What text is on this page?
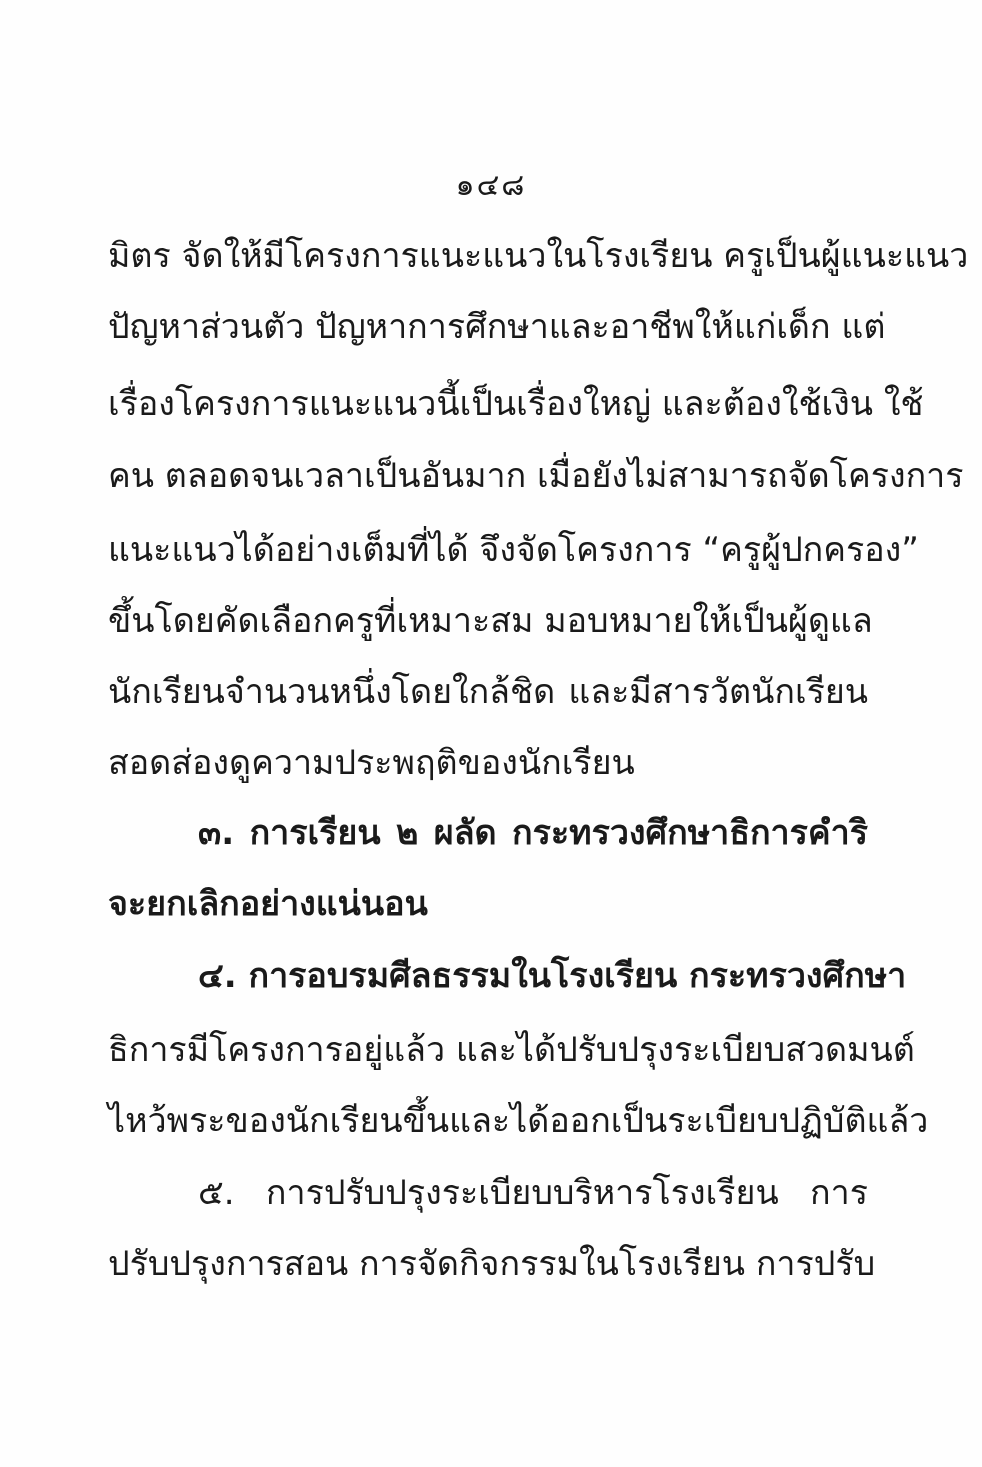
๑๔๘
มิตร จัดให้มีโครงการแนะแนวในโรงเรียน ครูเป็นผู้แนะแนว
ปัญหาส่วนตัว ปัญหาการศึกษาและอาชีพให้แก่เด็ก แต่
เรื่องโครงการแนะแนวนี้เป็นเรื่องใหญ่ และต้องใช้เงิน ใช้
คน ตลอดจนเวลาเป็นอันมาก เมื่อยังไม่สามารถจัดโครงการ
แนะแนวได้อย่างเต็มที่ได้ จึงจัดโครงการ “ครูผู้ปกครอง”
ขึ้นโดยคัดเลือกครูที่เหมาะสม มอบหมายให้เป็นผู้ดูแล
นักเรียนจำนวนหนึ่งโดยใกล้ชิด และมีสารวัตนักเรียน
สอดส่องดูความประพฤติของนักเรียน
๓. การเรียน ๒ ผลัด กระทรวงศึกษาธิการคำริ
จะยกเลิกอย่างแน่นอน
๔. การอบรมศีลธรรมในโรงเรียน กระทรวงศึกษา
ธิการมีโครงการอยู่แล้ว และได้ปรับปรุงระเบียบสวดมนต์
ไหว้พระของนักเรียนขึ้นและได้ออกเป็นระเบียบปฏิบัติแล้ว
๕. การปรับปรุงระเบียบบริหารโรงเรียน การ
ปรับปรุงการสอน การจัดกิจกรรมในโรงเรียน การปรับ
